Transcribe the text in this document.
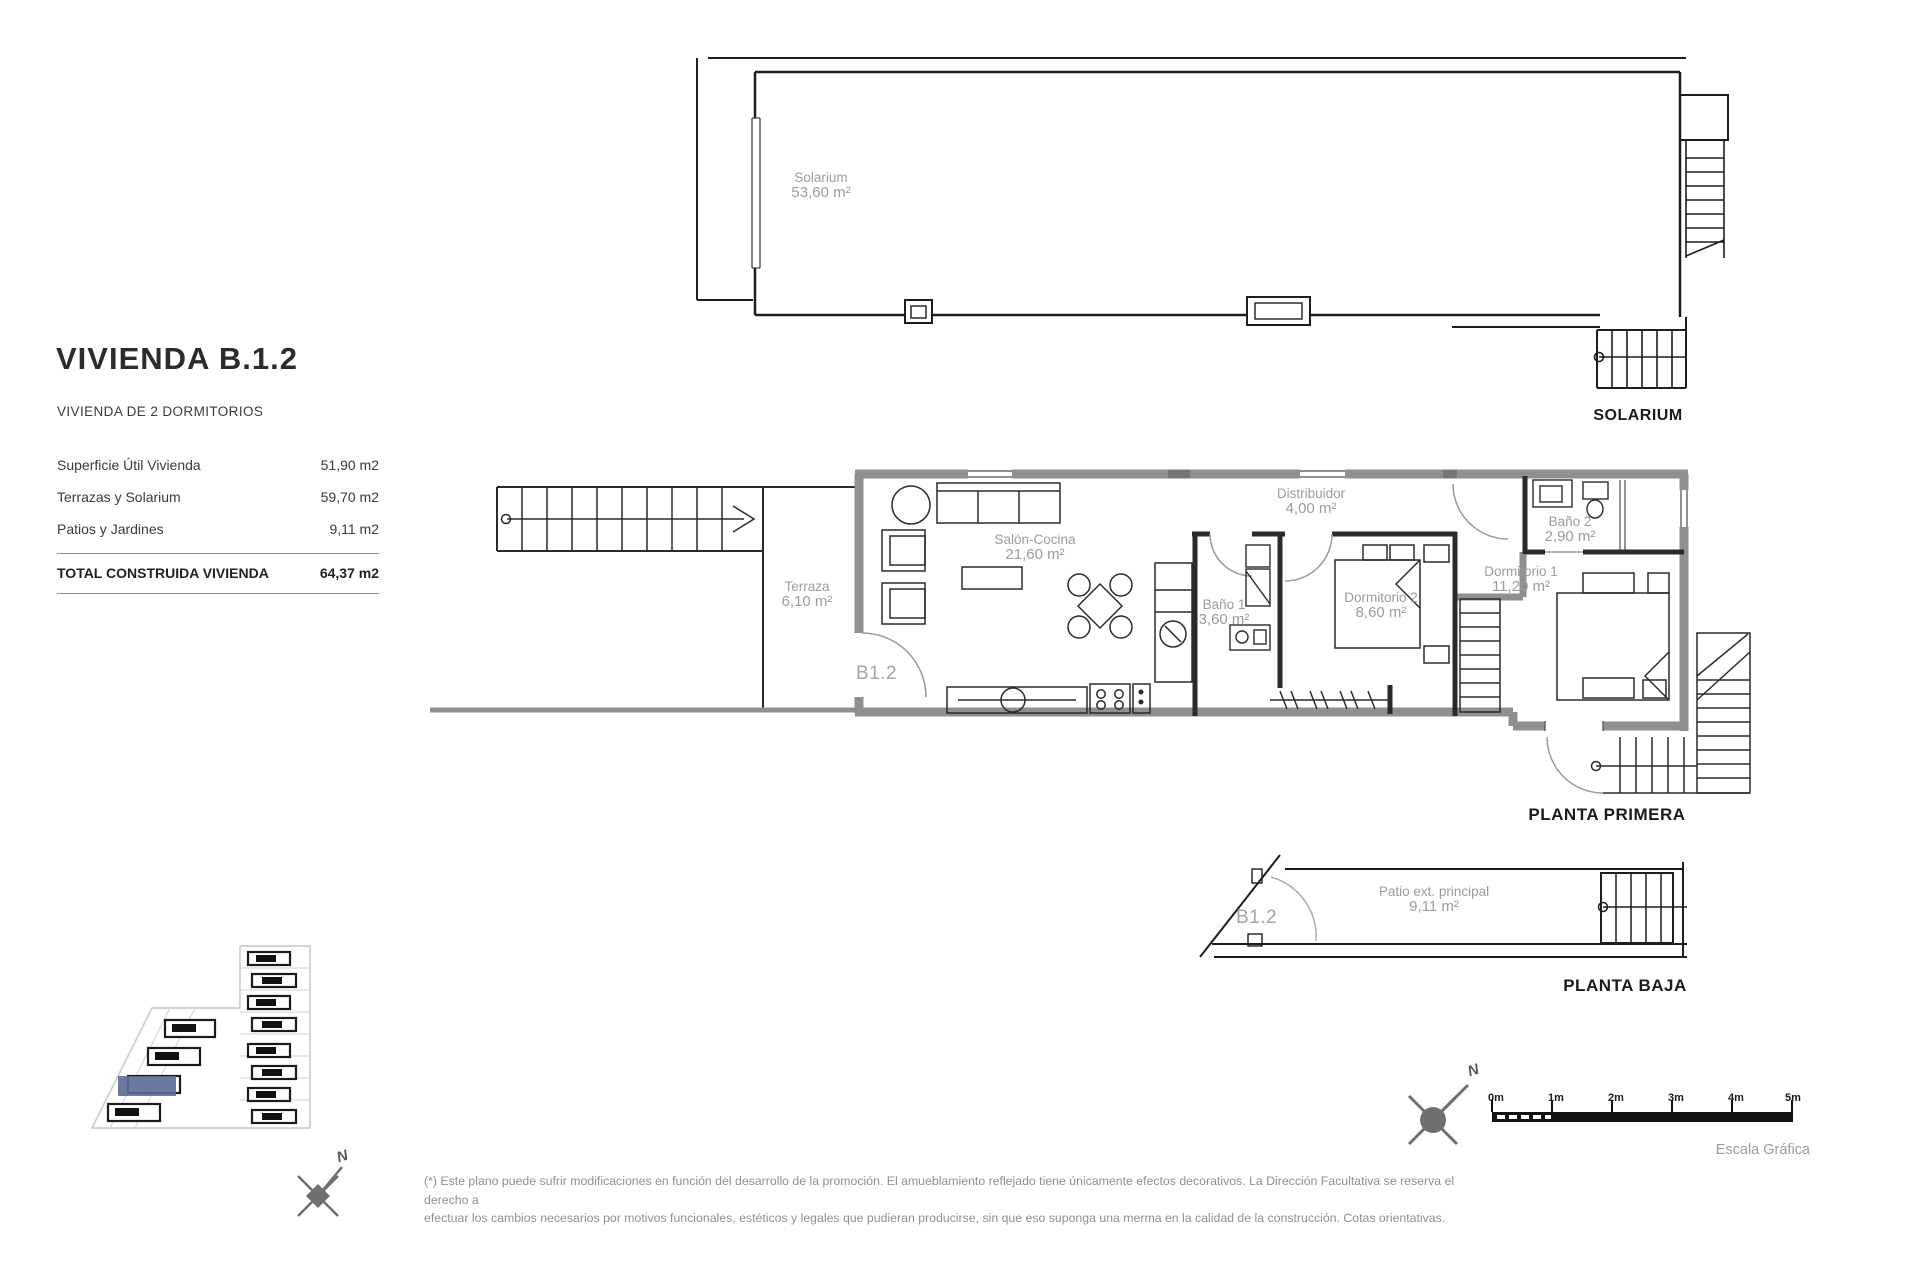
VIVIENDA B.1.2
VIVIENDA DE 2 DORMITORIOS
Superficie Útil Vivienda	51,90 m2
Terrazas y Solarium	59,70 m2
Patios y Jardines	9,11 m2
TOTAL CONSTRUIDA VIVIENDA	64,37 m2
Solarium
53,60 m²
Terraza
6,10 m²
Salón-Cocina
21,60 m²
Distribuidor
4,00 m²
Baño 1
3,60 m²
Dormitorio 2
8,60 m²
Dormitorio 1
11,20 m²
Baño 2
2,90 m²
Patio ext. principal
9,11 m²
B1.2
B1.2
SOLARIUM
PLANTA PRIMERA
PLANTA BAJA
N
N
0m	1m	2m	3m	4m	5m
Escala Gráfica
(*) Este plano puede sufrir modificaciones en función del desarrollo de la promoción. El amueblamiento reflejado tiene únicamente efectos decorativos. La Dirección Facultativa se reserva el derecho a
efectuar los cambios necesarios por motivos funcionales, estéticos y legales que pudieran producirse, sin que eso suponga una merma en la calidad de la construcción. Cotas orientativas.
